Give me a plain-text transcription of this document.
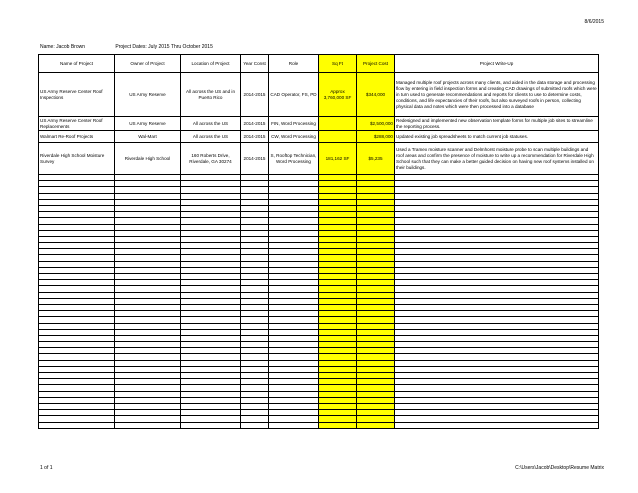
8/6/2015
Name: Jacob Brown	Project Dates: July 2015 Thru October 2015
Name of Project	Owner of Project	Location of Project	Year Const	Role	Sq Ft	Project Cost	Project Write-Up
US Army Reserve Center Roof Inspections	US Army Reserve	All across the US and in Puerto Rico	2014-2015	CAD Operator, FS, PD	Approx 3,760,000 SF	$344,000	Managed multiple roof projects across many clients, and aided in the data storage and processing flow by entering in field inspection forms and creating CAD drawings of submitted roofs which were in turn used to generate recommendations and reports for clients to use to determine costs, conditions, and life expectancies of their roofs, but also surveyed roofs in person, collecting physical data and notes which were then processed into a database
US Army Reserve Center Roof Replacements	US Army Reserve	All across the US	2014-2015	FIN, Word Processing		$2,500,000	Redesigned and implemented new observation template forms for multiple job sites to streamline the reporting process.
Walmart Re-Roof Projects	Wal-Mart	All across the US	2014-2015	CW, Word Processing		$288,000	Updated existing job spreadsheets to match current job statuses.
Riverdale High School Moisture Survey	Riverdale High School	160 Roberts Drive, Riverdale, GA 30274	2014-2015	S, Rooftop Technician, Word Processing	181,162 SF	$5,235	Used a Tramex moisture scanner and Delmhorst moisture probe to scan multiple buildings and roof areas and confirm the presence of moisture to write up a recommendation for Riverdale High School such that they can make a better guided decision on having new roof systems installed on their buildings.

1 of 1	C:\Users\Jacob\Desktop\Resume Matrix
